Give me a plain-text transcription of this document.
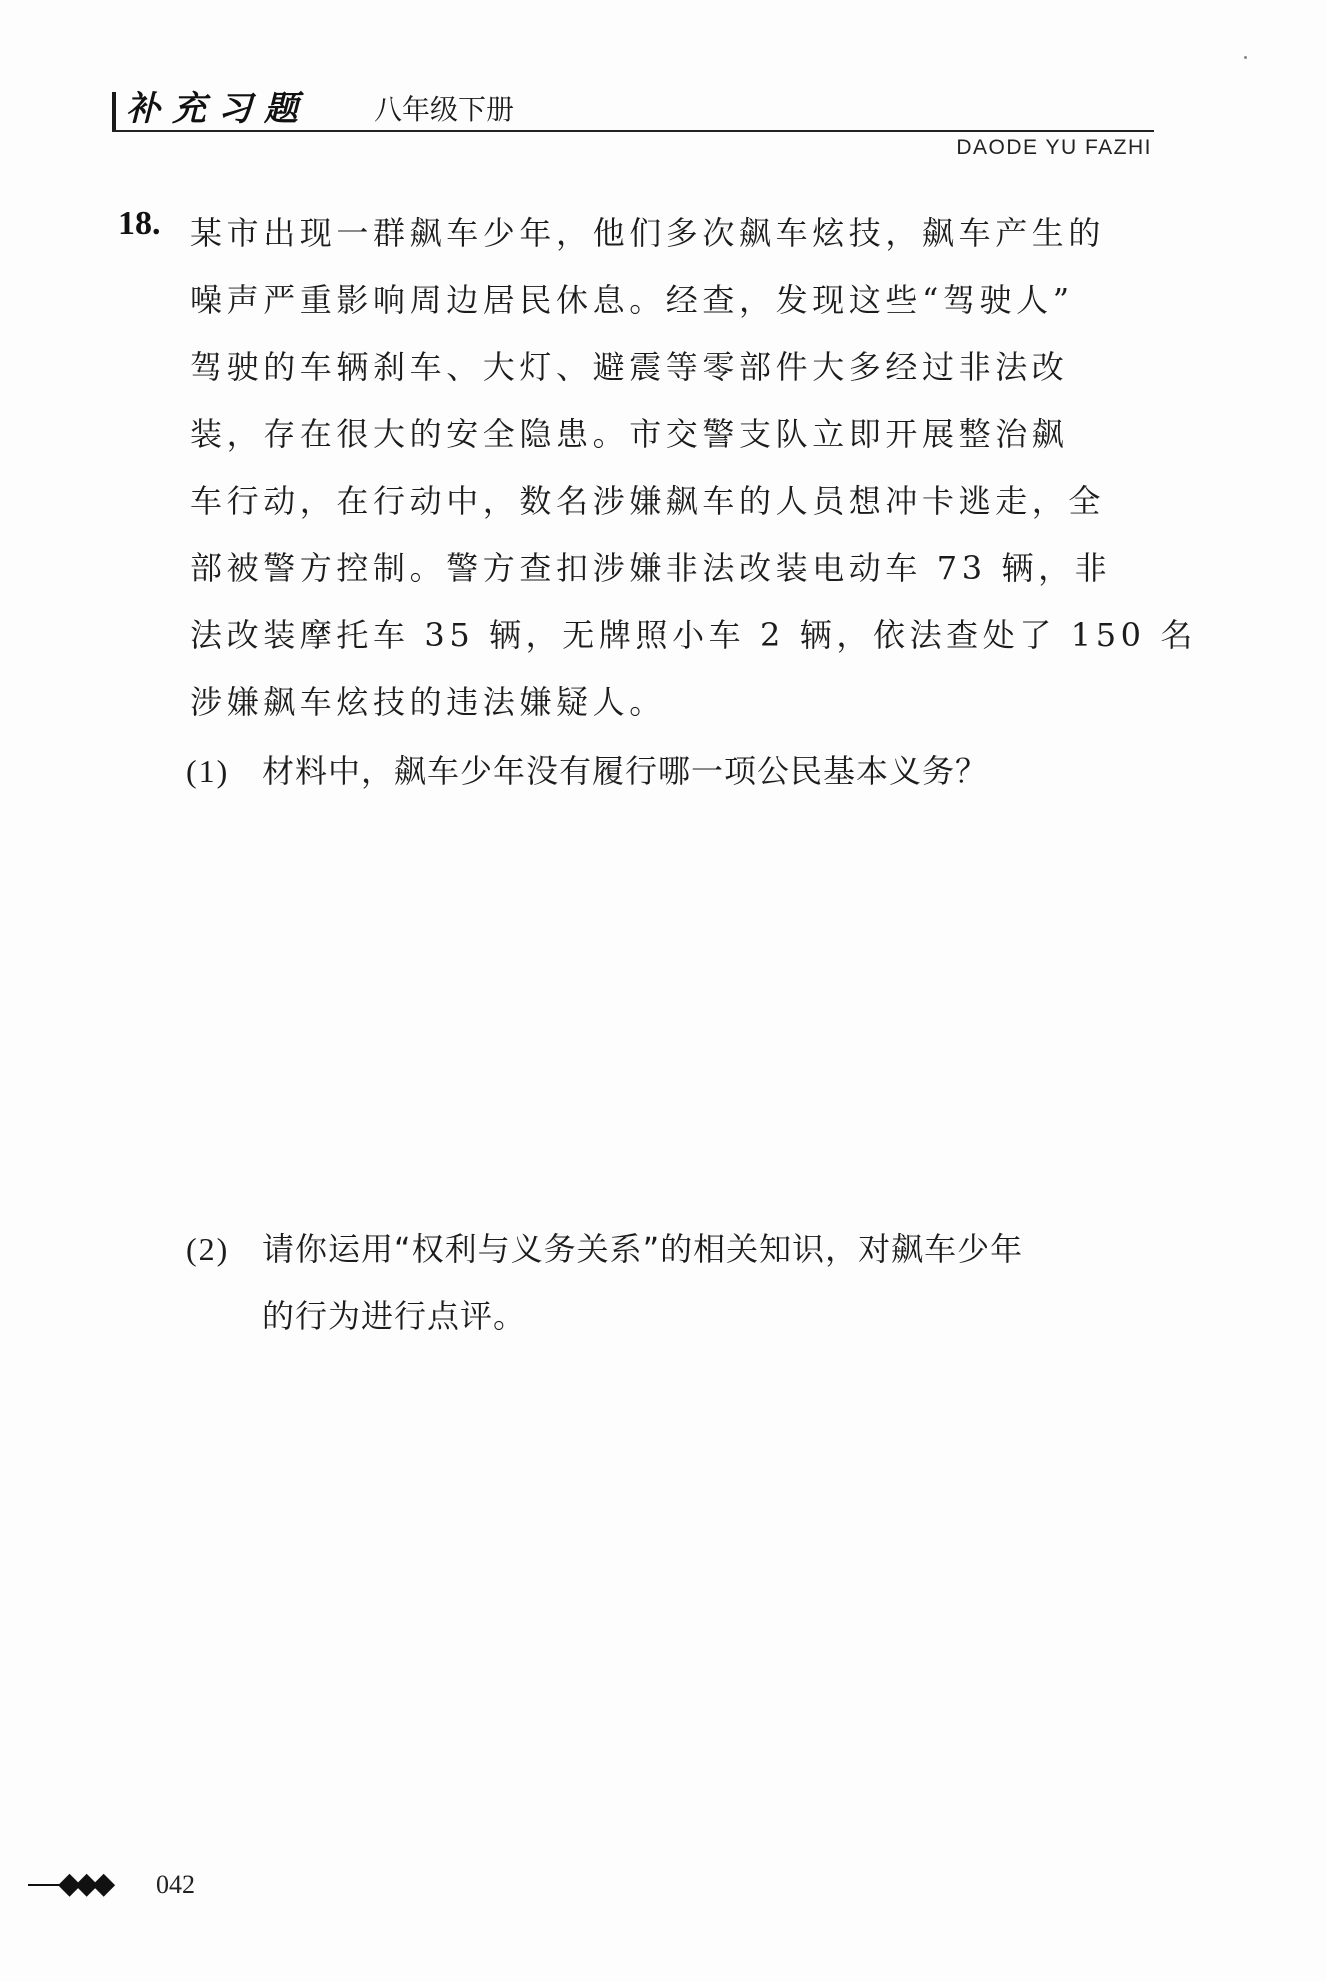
补充习题 八年级下册
DAODE YU FAZHI
18. 某市出现一群飙车少年，他们多次飙车炫技，飙车产生的
噪声严重影响周边居民休息。经查，发现这些“驾驶人”
驾驶的车辆刹车、大灯、避震等零部件大多经过非法改
装，存在很大的安全隐患。市交警支队立即开展整治飙
车行动，在行动中，数名涉嫌飙车的人员想冲卡逃走，全
部被警方控制。警方查扣涉嫌非法改装电动车 73 辆，非
法改装摩托车 35 辆，无牌照小车 2 辆，依法查处了 150 名
涉嫌飙车炫技的违法嫌疑人。
(1) 材料中，飙车少年没有履行哪一项公民基本义务？
(2) 请你运用“权利与义务关系”的相关知识，对飙车少年
的行为进行点评。
◆◆◆ 042
